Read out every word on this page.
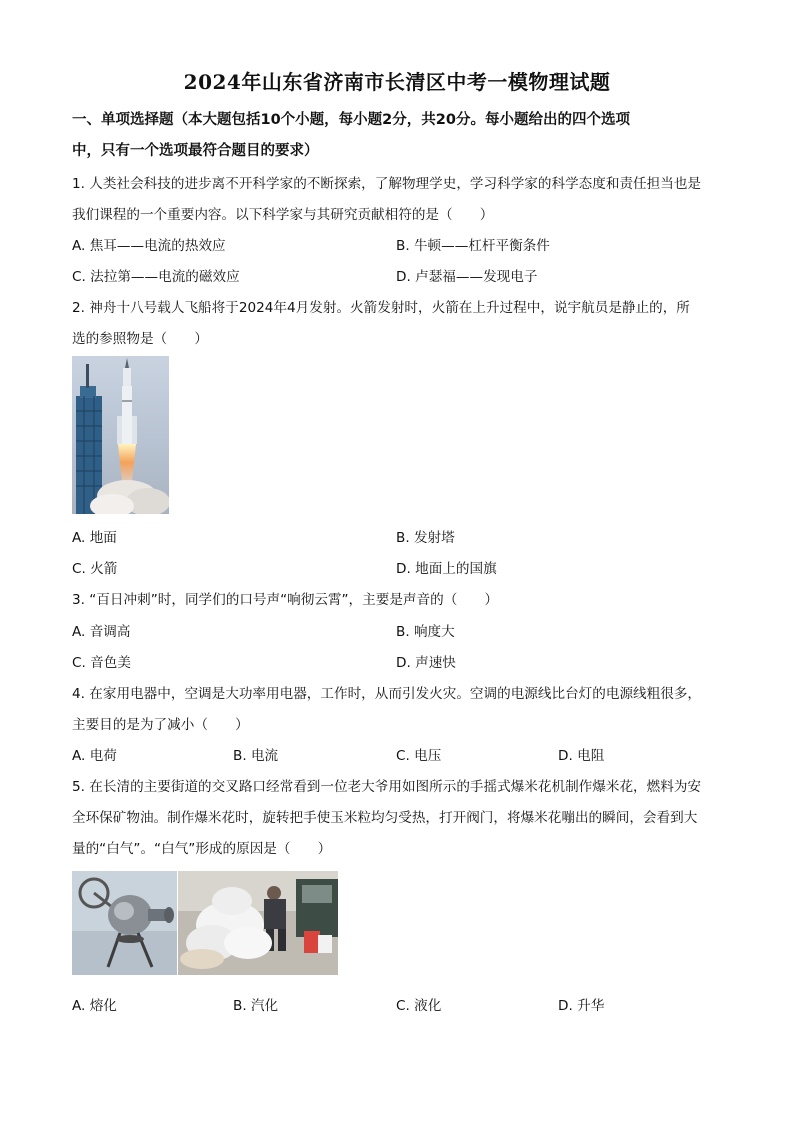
2024年山东省济南市长清区中考一模物理试题
一、单项选择题（本大题包括10个小题，每小题2分，共20分。每小题给出的四个选项
中，只有一个选项最符合题目的要求）
1. 人类社会科技的进步离不开科学家的不断探索，了解物理学史，学习科学家的科学态度和责任担当也是
我们课程的一个重要内容。以下科学家与其研究贡献相符的是（　　）
A. 焦耳——电流的热效应	B. 牛顿——杠杆平衡条件
C. 法拉第——电流的磁效应	D. 卢瑟福——发现电子
2. 神舟十八号载人飞船将于2024年4月发射。火箭发射时，火箭在上升过程中，说宇航员是静止的，所
选的参照物是（　　）
A. 地面	B. 发射塔
C. 火箭	D. 地面上的国旗
3. “百日冲刺”时，同学们的口号声“响彻云霄”，主要是声音的（　　）
A. 音调高	B. 响度大
C. 音色美	D. 声速快
4. 在家用电器中，空调是大功率用电器，工作时，从而引发火灾。空调的电源线比台灯的电源线粗很多，
主要目的是为了减小（　　）
A. 电荷	B. 电流	C. 电压	D. 电阻
5. 在长清的主要街道的交叉路口经常看到一位老大爷用如图所示的手摇式爆米花机制作爆米花，燃料为安
全环保矿物油。制作爆米花时，旋转把手使玉米粒均匀受热，打开阀门，将爆米花嘣出的瞬间，会看到大
量的“白气”。“白气”形成的原因是（　　）
A. 熔化	B. 汽化	C. 液化	D. 升华
